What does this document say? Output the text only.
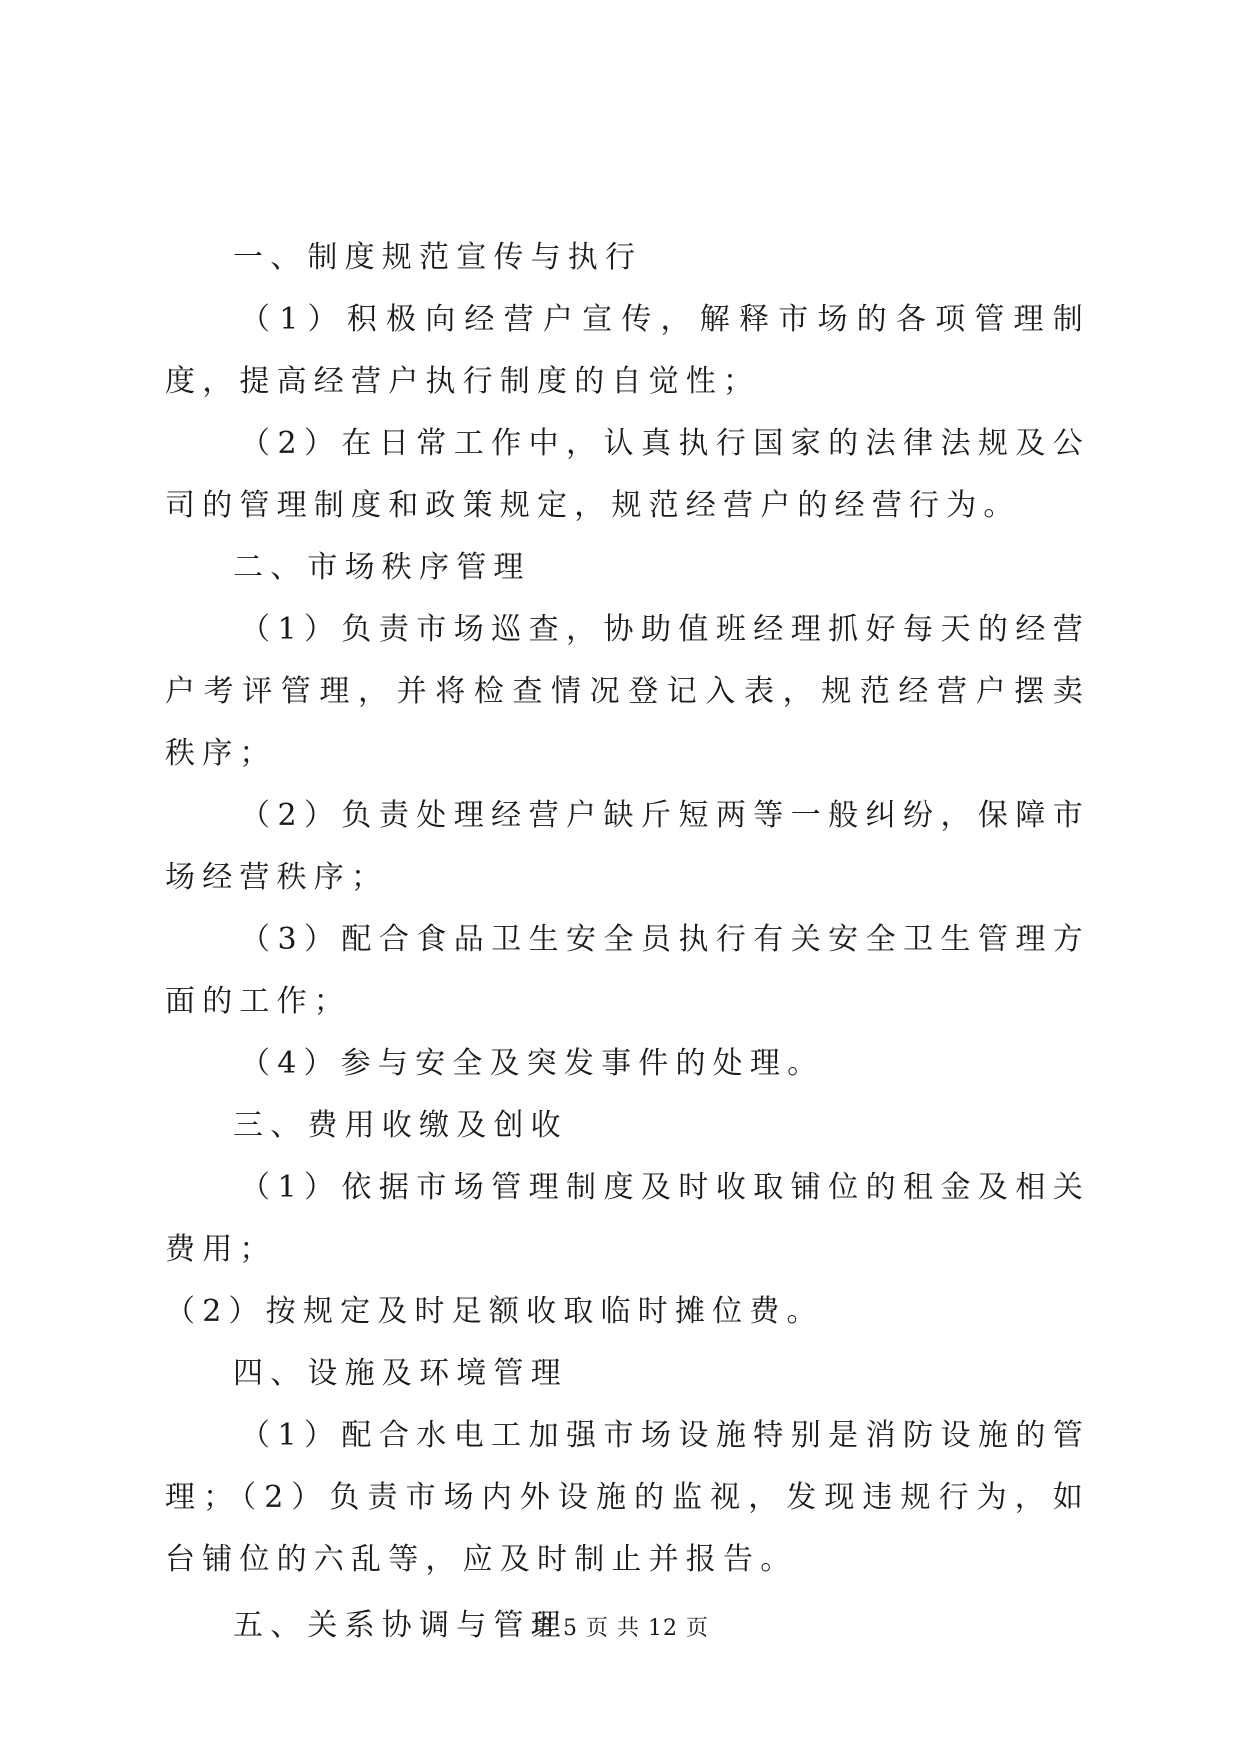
一、制度规范宣传与执行

（1）积极向经营户宣传，解释市场的各项管理制度，提高经营户执行制度的自觉性；

（2）在日常工作中，认真执行国家的法律法规及公司的管理制度和政策规定，规范经营户的经营行为。

二、市场秩序管理

（1）负责市场巡查，协助值班经理抓好每天的经营户考评管理，并将检查情况登记入表，规范经营户摆卖秩序；

（2）负责处理经营户缺斤短两等一般纠纷，保障市场经营秩序；

（3）配合食品卫生安全员执行有关安全卫生管理方面的工作；

（4）参与安全及突发事件的处理。

三、费用收缴及创收

（1）依据市场管理制度及时收取铺位的租金及相关费用；

（2）按规定及时足额收取临时摊位费。

四、设施及环境管理

（1）配合水电工加强市场设施特别是消防设施的管理；（2）负责市场内外设施的监视，发现违规行为，如台铺位的六乱等，应及时制止并报告。

五、关系协调与管理

第 5 页 共 12 页
